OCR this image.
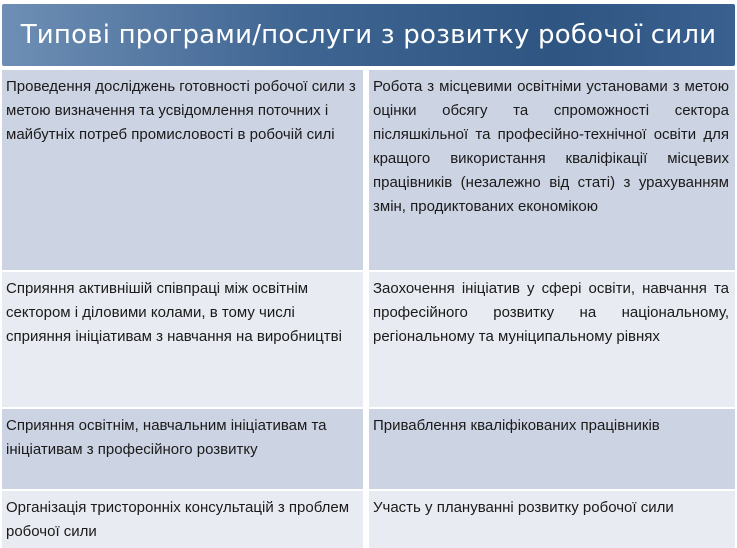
Типові програми/послуги з розвитку робочої сили
Проведення досліджень готовності робочої сили з метою визначення та усвідомлення поточних і майбутніх потреб промисловості в робочій силі	Робота з місцевими освітніми установами з метою оцінки обсягу та спроможності сектора післяшкільної та професійно-технічної освіти для кращого використання кваліфікації місцевих працівників (незалежно від статі) з урахуванням змін, продиктованих економікою
Сприяння активнішій співпраці між освітнім сектором і діловими колами, в тому числі сприяння ініціативам з навчання на виробництві	Заохочення ініціатив у сфері освіти, навчання та професійного розвитку на національному, регіональному та муніципальному рівнях
Сприяння освітнім, навчальним ініціативам та ініціативам з професійного розвитку	Приваблення кваліфікованих працівників
Організація тристоронніх консультацій з проблем робочої сили	Участь у плануванні розвитку робочої сили
